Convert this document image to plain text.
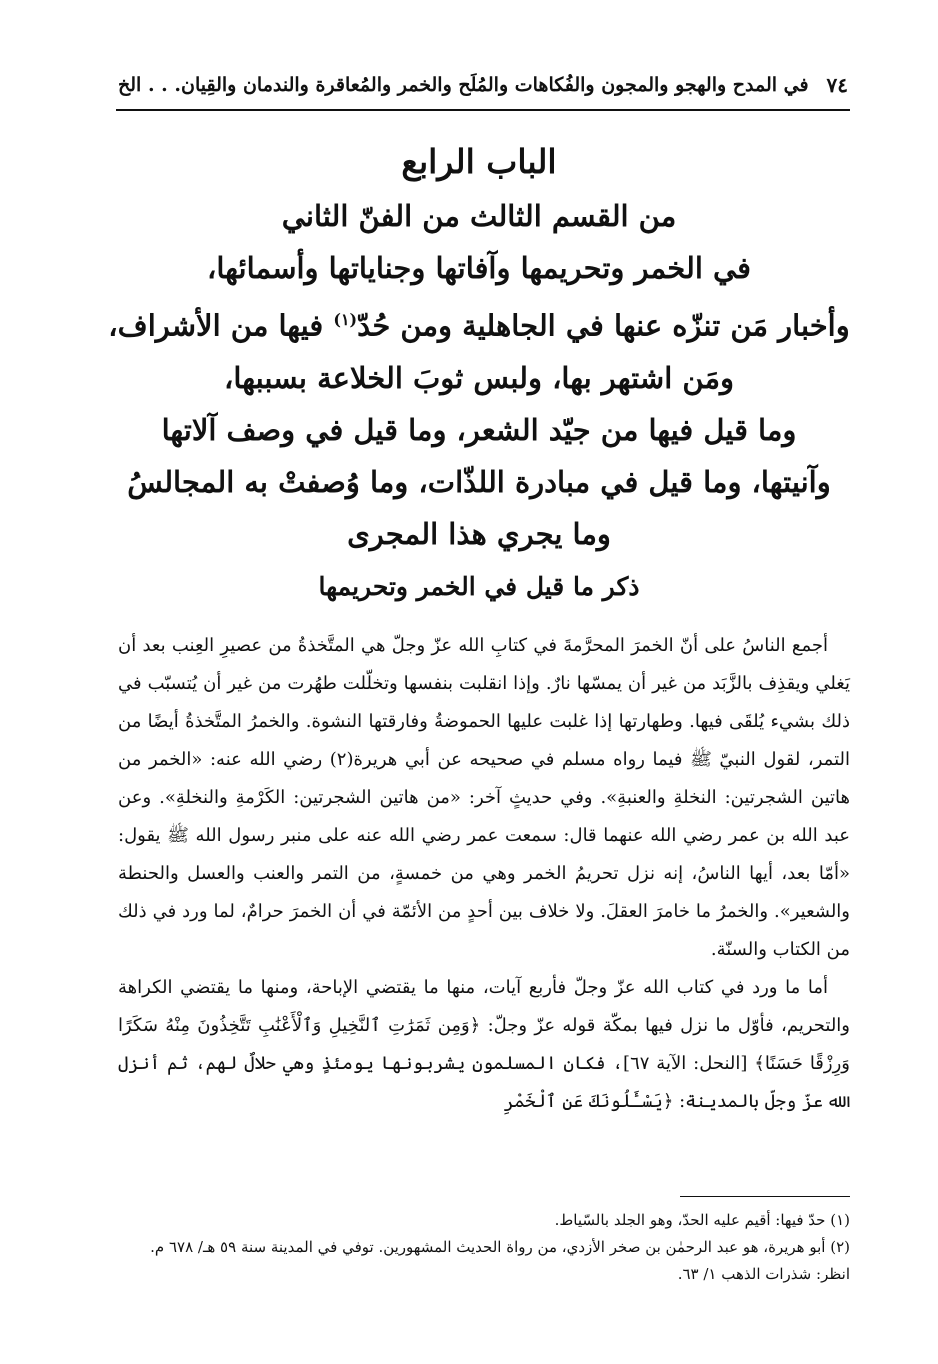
٧٤
في المدح والهجو والمجون والفُكاهات والمُلَح والخمر والمُعاقرة والندمان والقِيان. . . الخ

الباب الرابع

من القسم الثالث من الفنّ الثاني

في الخمر وتحريمها وآفاتها وجناياتها وأسمائها،

وأخبار مَن تنزّه عنها في الجاهلية ومن حُدّ$^{(١)}$ فيها من الأشراف،

ومَن اشتهر بها، ولبس ثوبَ الخلاعة بسببها،

وما قيل فيها من جيّد الشعر، وما قيل في وصف آلاتها

وآنيتها، وما قيل في مبادرة اللذّات، وما وُصفتْ به المجالسُ

وما يجري هذا المجرى

ذكر ما قيل في الخمر وتحريمها

أجمع الناسُ على أنّ الخمرَ المحرَّمةَ في كتابِ الله عزّ وجلّ هي المتَّخذةُ من عصيرِ العِنب بعد أن يَغلي ويقذِف بالزَّبَد من غير أن يمسّها نارٌ. وإذا انقلبت بنفسها وتخلّلت طهُرت من غير أن يُتسبّب في ذلك بشيء يُلقَى فيها. وطهارتها إذا غلبت عليها الحموضةُ وفارقتها النشوة. والخمرُ المتَّخذةُ أيضًا من التمر، لقول النبيّ ﷺ فيما رواه مسلم في صحيحه عن أبي هريرة(٢) رضي الله عنه: «الخمر من هاتين الشجرتين: النخلةِ والعنبةِ». وفي حديثٍ آخر: «من هاتين الشجرتين: الكَرْمةِ والنخلةِ». وعن عبد الله بن عمر رضي الله عنهما قال: سمعت عمر رضي الله عنه على منبر رسول الله ﷺ يقول: «أمّا بعد، أيها الناسُ، إنه نزل تحريمُ الخمر وهي من خمسةٍ، من التمر والعنب والعسل والحنطة والشعير». والخمرُ ما خامرَ العقلَ. ولا خلاف بين أحدٍ من الأئمّة في أن الخمرَ حرامٌ، لما ورد في ذلك من الكتاب والسنّة.

أما ما ورد في كتاب الله عزّ وجلّ فأربع آيات، منها ما يقتضي الإباحة، ومنها ما يقتضي الكراهة والتحريم، فأوّل ما نزل فيها بمكّة قوله عزّ وجلّ: ﴿وَمِن ثَمَرَٰتِ ٱلنَّخِيلِ وَٱلْأَعْنَٰبِ تَتَّخِذُونَ مِنْهُ سَكَرًا وَرِزْقًا حَسَنًا﴾ [النحل: الآية ٦٧]، فكان المسلمون يشربونها يومئذٍ وهي حلالٌ لهم، ثم أنزل الله عزّ وجلّ بالمدينة: ﴿يَسْـَٔلُونَكَ عَنِ ٱلْخَمْرِ

(١) حدّ فيها: أقيم عليه الحدّ، وهو الجلد بالسّياط.

(٢) أبو هريرة، هو عبد الرحمٰن بن صخر الأزدي، من رواة الحديث المشهورين. توفي في المدينة سنة ٥٩ هـ/ ٦٧٨ م. انظر: شذرات الذهب ١/ ٦٣.
